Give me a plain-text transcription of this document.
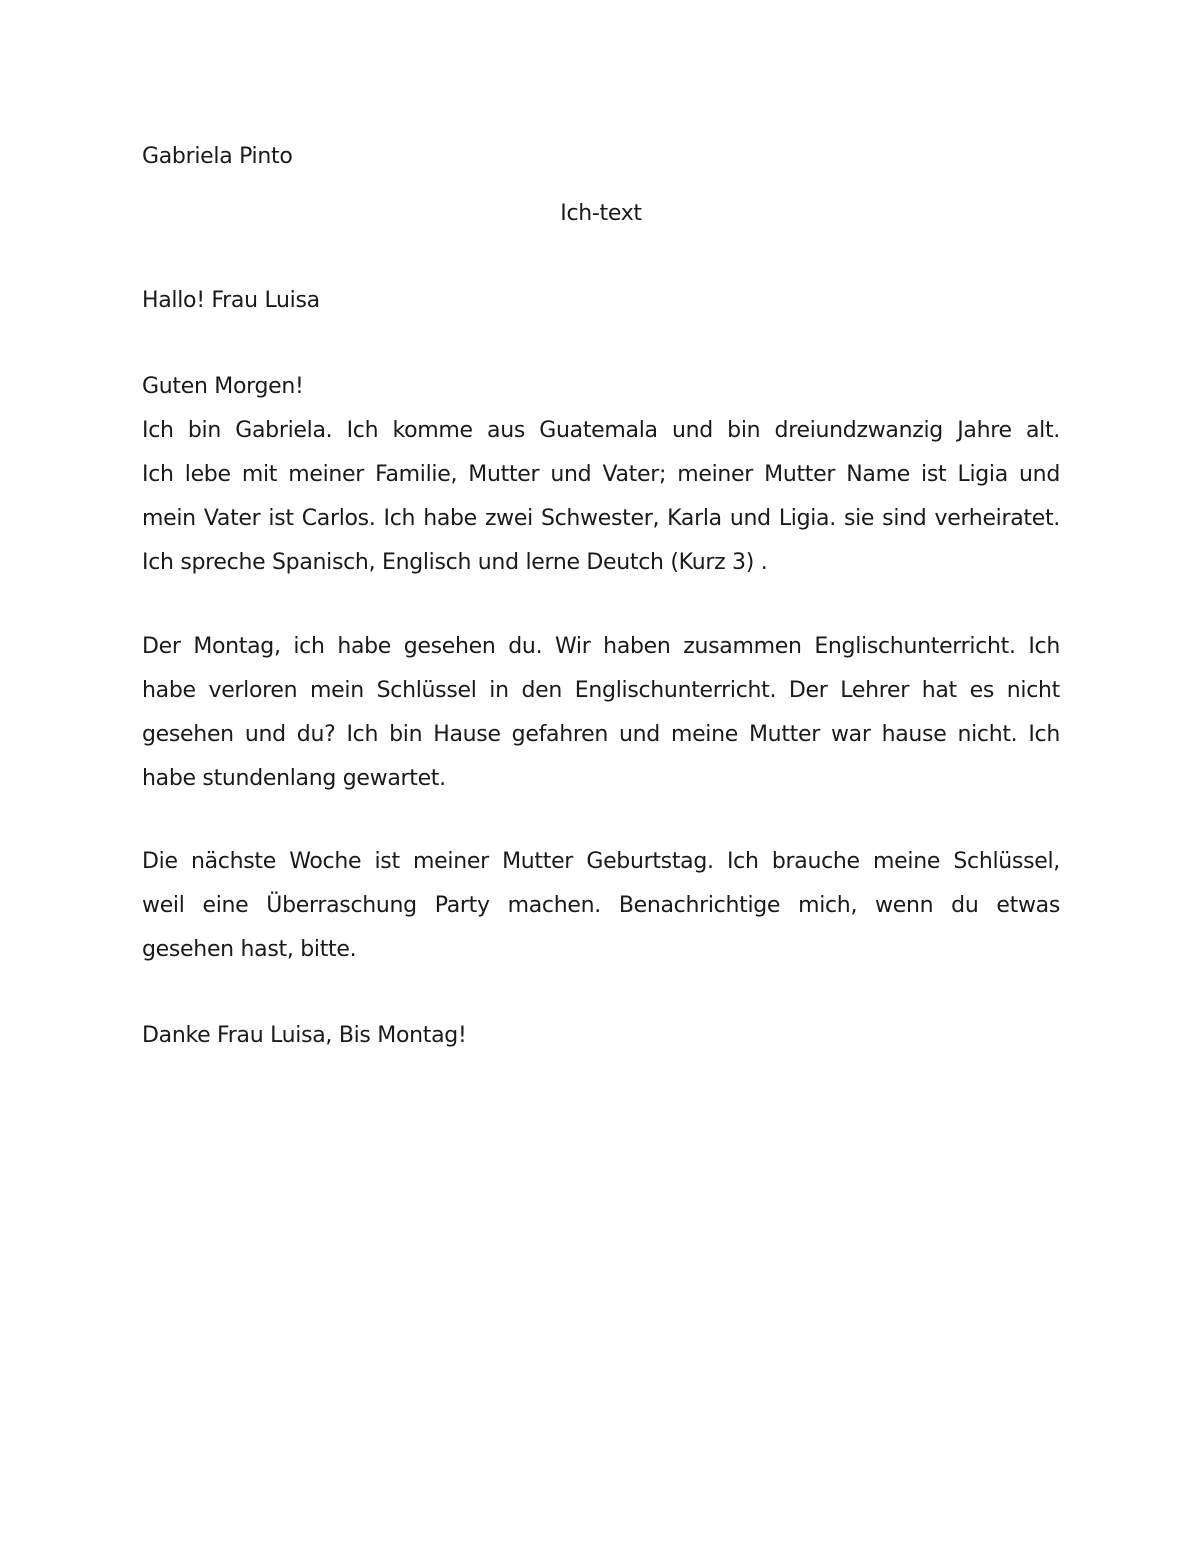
Gabriela Pinto

Ich-text

Hallo! Frau Luisa

Guten Morgen!

Ich bin Gabriela. Ich komme aus Guatemala und bin dreiundzwanzig Jahre alt.
Ich lebe mit meiner Familie, Mutter und Vater; meiner Mutter Name ist Ligia und
mein Vater ist Carlos. Ich habe zwei Schwester, Karla und Ligia. sie sind verheiratet.
Ich spreche Spanisch, Englisch und lerne Deutch (Kurz 3) .
Der Montag, ich habe gesehen du. Wir haben zusammen Englischunterricht. Ich
habe verloren mein Schlüssel in den Englischunterricht. Der Lehrer hat es nicht
gesehen und du? Ich bin Hause gefahren und meine Mutter war hause nicht. Ich
habe stundenlang gewartet.
Die nächste Woche ist meiner Mutter Geburtstag. Ich brauche meine Schlüssel,
weil eine Überraschung Party machen. Benachrichtige mich, wenn du etwas
gesehen hast, bitte.

Danke Frau Luisa, Bis Montag!
